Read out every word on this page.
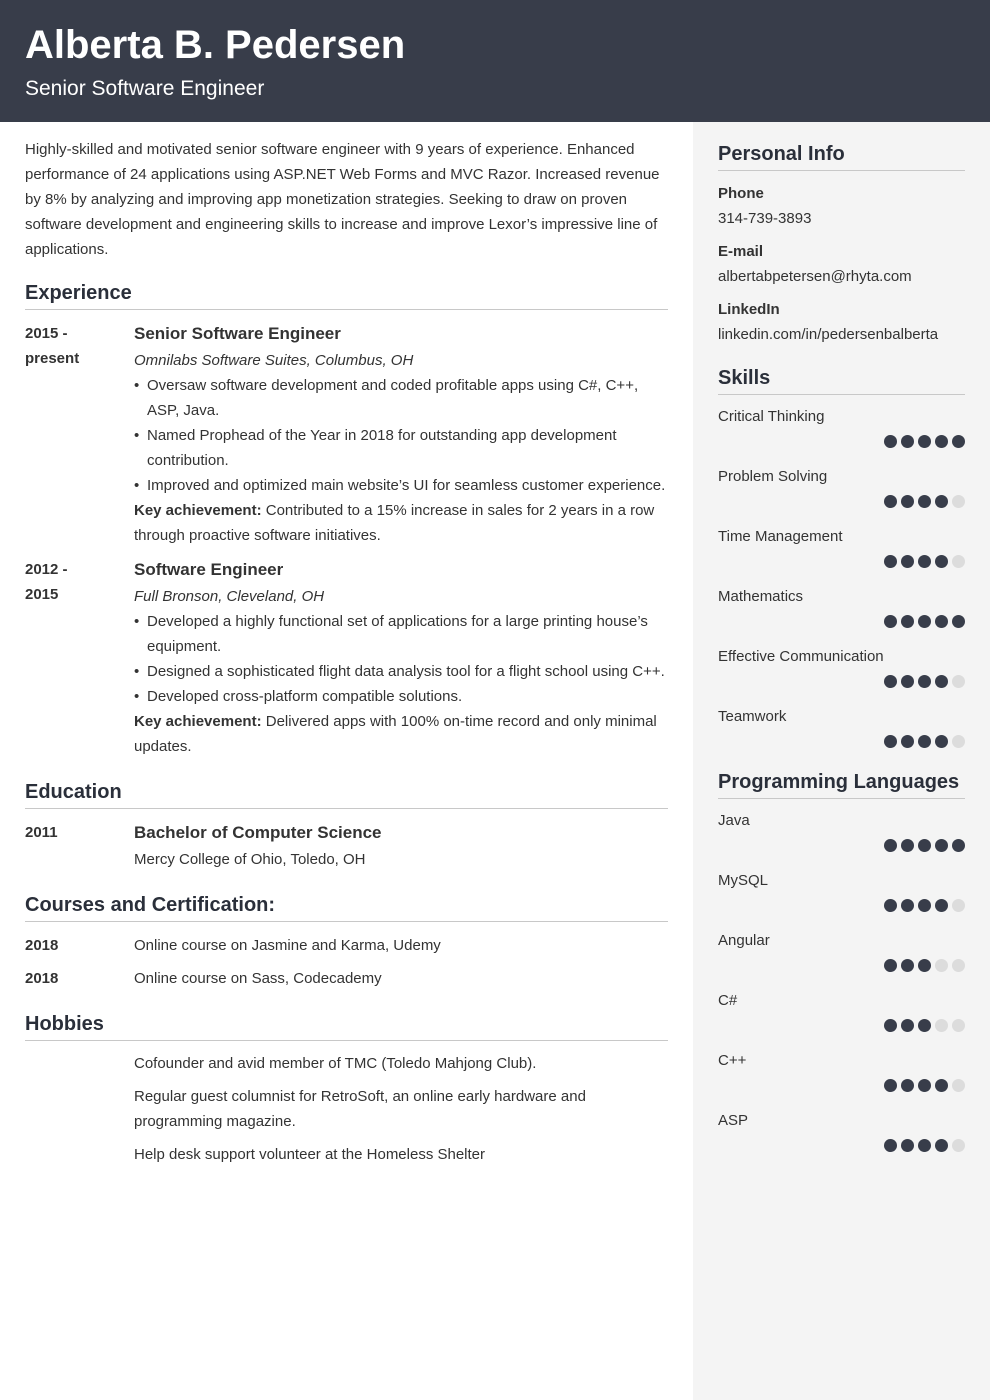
Alberta B. Pedersen
Senior Software Engineer

Highly-skilled and motivated senior software engineer with 9 years of experience. Enhanced performance of 24 applications using ASP.NET Web Forms and MVC Razor. Increased revenue by 8% by analyzing and improving app monetization strategies. Seeking to draw on proven software development and engineering skills to increase and improve Lexor’s impressive line of applications.

Experience
2015 -
present
Senior Software Engineer
Omnilabs Software Suites, Columbus, OH
• Oversaw software development and coded profitable apps using C#, C++, ASP, Java.
• Named Prophead of the Year in 2018 for outstanding app development contribution.
• Improved and optimized main website’s UI for seamless customer experience.
Key achievement: Contributed to a 15% increase in sales for 2 years in a row through proactive software initiatives.
2012 -
2015
Software Engineer
Full Bronson, Cleveland, OH
• Developed a highly functional set of applications for a large printing house’s equipment.
• Designed a sophisticated flight data analysis tool for a flight school using C++.
• Developed cross-platform compatible solutions.
Key achievement: Delivered apps with 100% on-time record and only minimal updates.
Education
2011	Bachelor of Computer Science
Mercy College of Ohio, Toledo, OH
Courses and Certification:
2018	Online course on Jasmine and Karma, Udemy
2018	Online course on Sass, Codecademy
Hobbies
Cofounder and avid member of TMC (Toledo Mahjong Club).
Regular guest columnist for RetroSoft, an online early hardware and programming magazine.
Help desk support volunteer at the Homeless Shelter
Personal Info
Phone
314-739-3893
E-mail
albertabpetersen@rhyta.com
LinkedIn
linkedin.com/in/pedersenbalberta
Skills
Critical Thinking
Problem Solving
Time Management
Mathematics
Effective Communication
Teamwork
Programming Languages
Java
MySQL
Angular
C#
C++
ASP
